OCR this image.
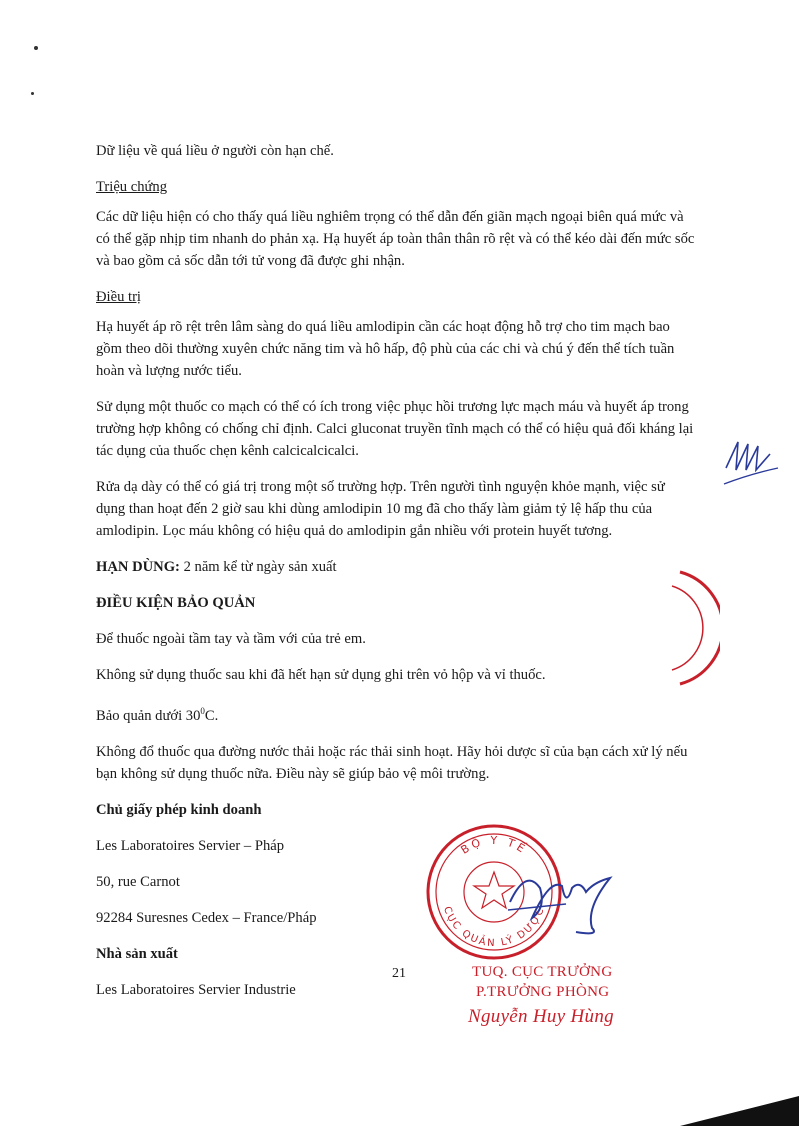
Dữ liệu về quá liều ở người còn hạn chế.

Triệu chứng

Các dữ liệu hiện có cho thấy quá liều nghiêm trọng có thể dẫn đến giãn mạch ngoại biên quá mức và có thể gặp nhịp tim nhanh do phản xạ. Hạ huyết áp toàn thân thân rõ rệt và có thể kéo dài đến mức sốc và bao gồm cả sốc dẫn tới tử vong đã được ghi nhận.

Điều trị

Hạ huyết áp rõ rệt trên lâm sàng do quá liều amlodipin cần các hoạt động hỗ trợ cho tim mạch bao gồm theo dõi thường xuyên chức năng tim và hô hấp, độ phù của các chi và chú ý đến thể tích tuần hoàn và lượng nước tiểu.

Sử dụng một thuốc co mạch có thể có ích trong việc phục hồi trương lực mạch máu và huyết áp trong trường hợp không có chống chỉ định. Calci gluconat truyền tĩnh mạch có thể có hiệu quả đối kháng lại tác dụng của thuốc chẹn kênh calcicalcicalci.

Rửa dạ dày có thể có giá trị trong một số trường hợp. Trên người tình nguyện khỏe mạnh, việc sử dụng than hoạt đến 2 giờ sau khi dùng amlodipin 10 mg đã cho thấy làm giảm tỷ lệ hấp thu của amlodipin. Lọc máu không có hiệu quả do amlodipin gắn nhiều với protein huyết tương.

HẠN DÙNG: 2 năm kể từ ngày sản xuất

ĐIỀU KIỆN BẢO QUẢN

Để thuốc ngoài tầm tay và tầm với của trẻ em.

Không sử dụng thuốc sau khi đã hết hạn sử dụng ghi trên vỏ hộp và vỉ thuốc.

Bảo quản dưới $30^0C$.

Không đổ thuốc qua đường nước thải hoặc rác thải sinh hoạt. Hãy hỏi dược sĩ của bạn cách xử lý nếu bạn không sử dụng thuốc nữa. Điều này sẽ giúp bảo vệ môi trường.

Chủ giấy phép kinh doanh

Les Laboratoires Servier – Pháp

50, rue Carnot

92284 Suresnes Cedex – France/Pháp

Nhà sản xuất

Les Laboratoires Servier Industrie

21
BỘ Y TẾ
CỤC QUẢN LÝ DƯỢC
TUQ. CỤC TRƯỞNG
P.TRƯỞNG PHÒNG
Nguyễn Huy Hùng
